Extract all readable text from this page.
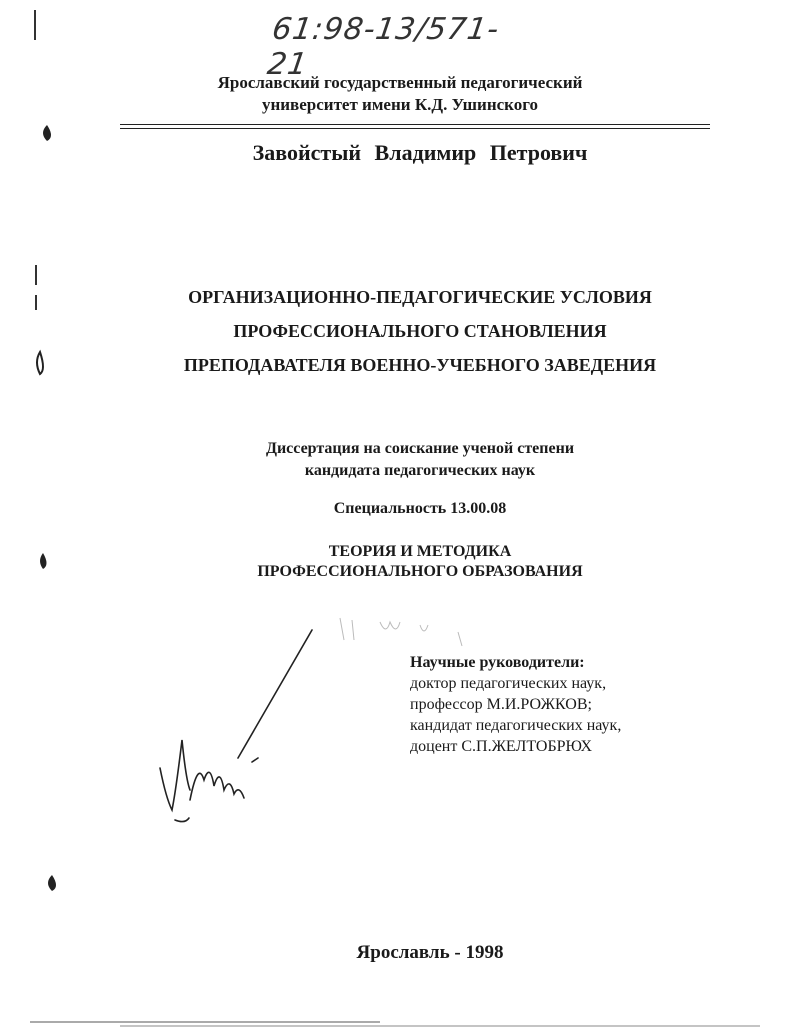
61:98-13/571-21
Ярославский государственный педагогический
университет имени К.Д. Ушинского
Завойстый Владимир Петрович
ОРГАНИЗАЦИОННО-ПЕДАГОГИЧЕСКИЕ УСЛОВИЯ
ПРОФЕССИОНАЛЬНОГО СТАНОВЛЕНИЯ
ПРЕПОДАВАТЕЛЯ ВОЕННО-УЧЕБНОГО ЗАВЕДЕНИЯ
Диссертация на соискание ученой степени
кандидата педагогических наук
Специальность 13.00.08
ТЕОРИЯ И МЕТОДИКА
ПРОФЕССИОНАЛЬНОГО ОБРАЗОВАНИЯ
Научные руководители:
доктор педагогических наук,
профессор М.И.РОЖКОВ;
кандидат педагогических наук,
доцент С.П.ЖЕЛТОБРЮХ
Ярославль - 1998
